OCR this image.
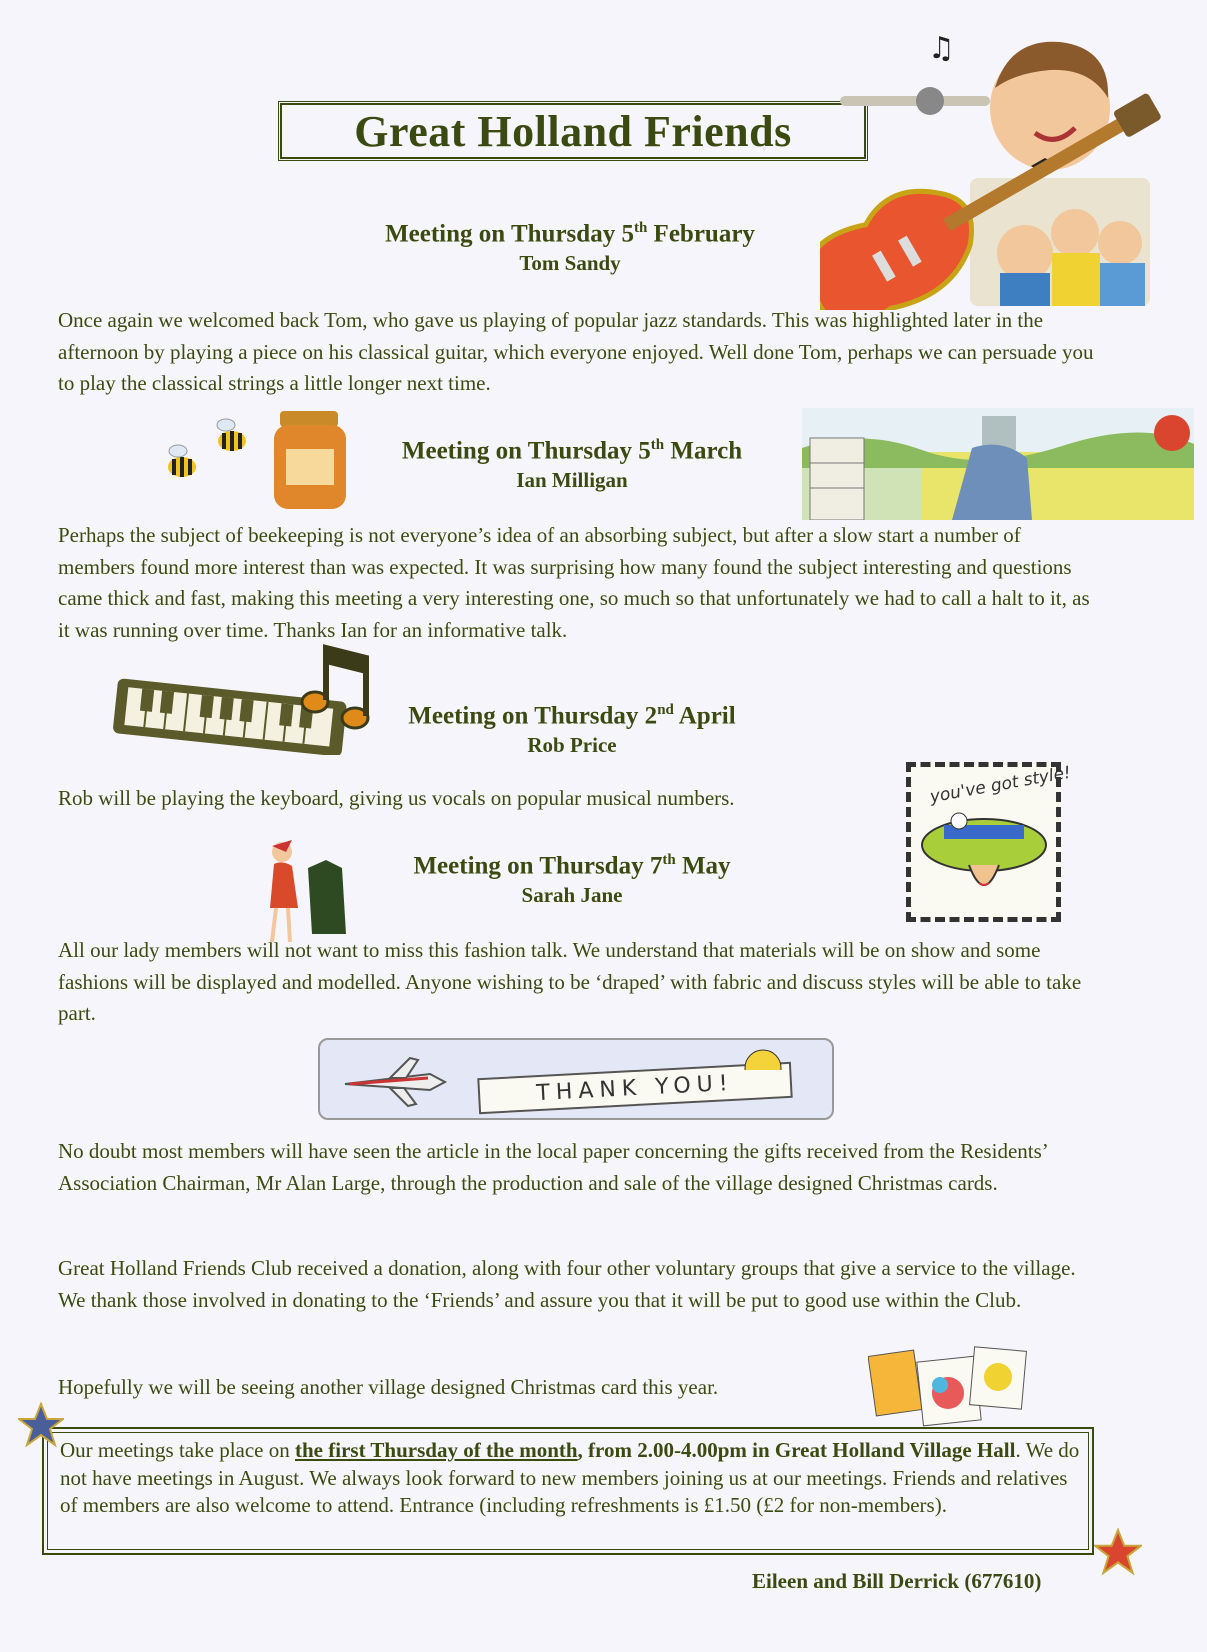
Great Holland Friends
♫
Meeting on Thursday 5th February
Tom Sandy
Once again we welcomed back Tom, who gave us playing of popular jazz standards. This was highlighted later in the afternoon by playing a piece on his classical guitar, which everyone enjoyed. Well done Tom, perhaps we can persuade you to play the classical strings a little longer next time.
Meeting on Thursday 5th March
Ian Milligan
Perhaps the subject of beekeeping is not everyone’s idea of an absorbing subject, but after a slow start a number of members found more interest than was expected. It was surprising how many found the subject interesting and questions came thick and fast, making this meeting a very interesting one, so much so that unfortunately we had to call a halt to it, as it was running over time. Thanks Ian for an informative talk.
Meeting on Thursday 2nd April
Rob Price
Rob will be playing the keyboard, giving us vocals on popular musical numbers.	you've got style!
Meeting on Thursday 7th May
Sarah Jane
All our lady members will not want to miss this fashion talk. We understand that materials will be on show and some fashions will be displayed and modelled. Anyone wishing to be ‘draped’ with fabric and discuss styles will be able to take part.
THANK YOU!
No doubt most members will have seen the article in the local paper concerning the gifts received from the Residents’ Association Chairman, Mr Alan Large, through the production and sale of the village designed Christmas cards.
Great Holland Friends Club received a donation, along with four other voluntary groups that give a service to the village. We thank those involved in donating to the ‘Friends’ and assure you that it will be put to good use within the Club.
Hopefully we will be seeing another village designed Christmas card this year.
Our meetings take place on the first Thursday of the month, from 2.00-4.00pm in Great Holland Village Hall. We do not have meetings in August. We always look forward to new members joining us at our meetings. Friends and relatives of members are also welcome to attend. Entrance (including refreshments is £1.50 (£2 for non-members).
Eileen and Bill Derrick (677610)
